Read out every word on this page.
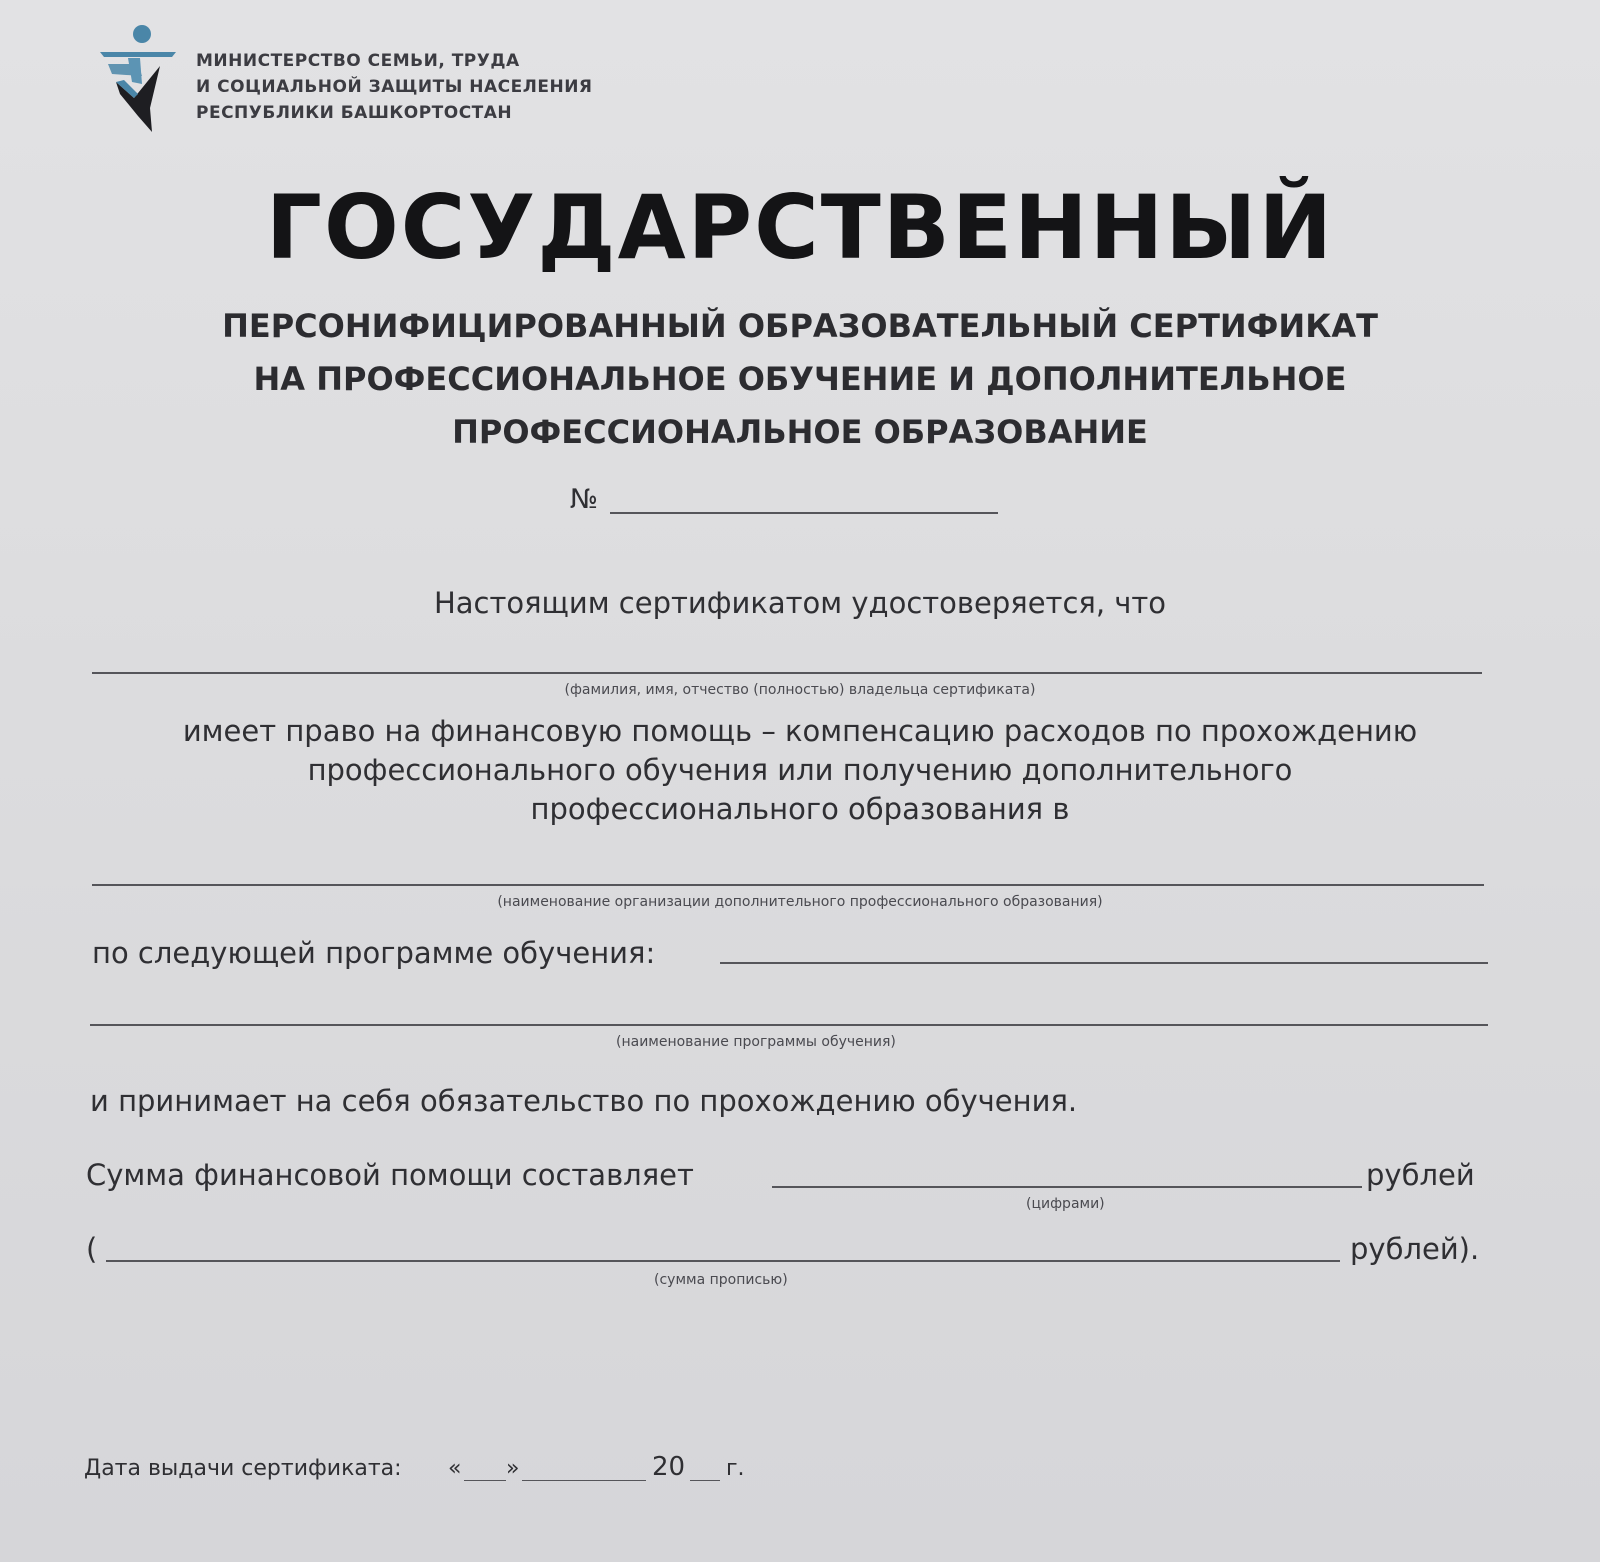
МИНИСТЕРСТВО СЕМЬИ, ТРУДА
И СОЦИАЛЬНОЙ ЗАЩИТЫ НАСЕЛЕНИЯ
РЕСПУБЛИКИ БАШКОРТОСТАН
ГОСУДАРСТВЕННЫЙ
ПЕРСОНИФИЦИРОВАННЫЙ ОБРАЗОВАТЕЛЬНЫЙ СЕРТИФИКАТ
НА ПРОФЕССИОНАЛЬНОЕ ОБУЧЕНИЕ И ДОПОЛНИТЕЛЬНОЕ
ПРОФЕССИОНАЛЬНОЕ ОБРАЗОВАНИЕ
№
Настоящим сертификатом удостоверяется, что
(фамилия, имя, отчество (полностью) владельца сертификата)
имеет право на финансовую помощь – компенсацию расходов по прохождению
профессионального обучения или получению дополнительного
профессионального образования в
(наименование организации дополнительного профессионального образования)
по следующей программе обучения:
(наименование программы обучения)
и принимает на себя обязательство по прохождению обучения.
Сумма финансовой помощи составляет	рублей
(цифрами)
(	рублей).
(сумма прописью)
Дата выдачи сертификата: « »	20 г.
